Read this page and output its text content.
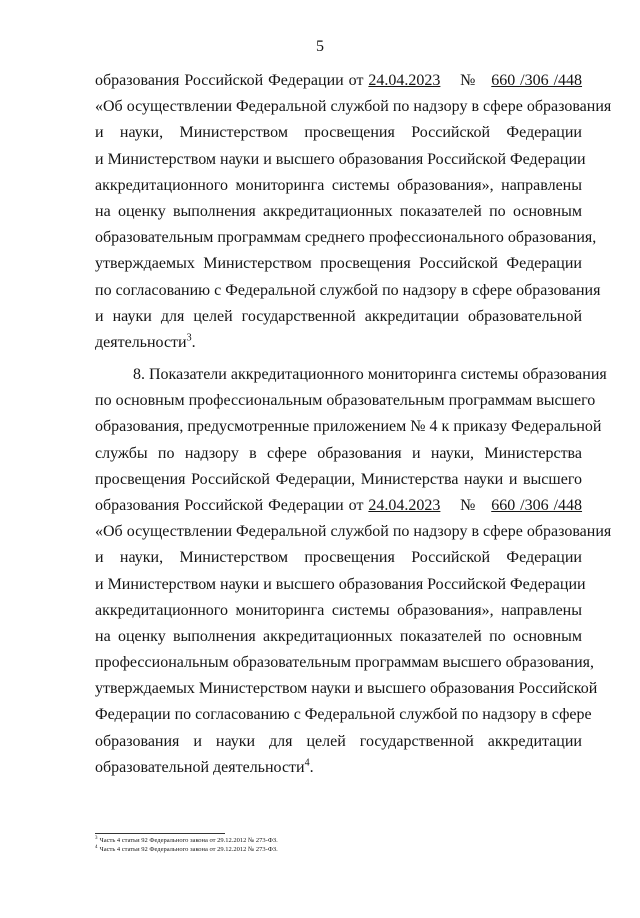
5
образования Российской Федерации от 24.04.2023    №   660 /306 /448
«Об осуществлении Федеральной службой по надзору в сфере образования
и науки, Министерством просвещения Российской Федерации
и Министерством науки и высшего образования Российской Федерации
аккредитационного мониторинга системы образования», направлены
на оценку выполнения аккредитационных показателей по основным
образовательным программам среднего профессионального образования,
утверждаемых Министерством просвещения Российской Федерации
по согласованию с Федеральной службой по надзору в сфере образования
и науки для целей государственной аккредитации образовательной
деятельности$^3$.
8. Показатели аккредитационного мониторинга системы образования
по основным профессиональным образовательным программам высшего
образования, предусмотренные приложением № 4 к приказу Федеральной
службы по надзору в сфере образования и науки, Министерства
просвещения Российской Федерации, Министерства науки и высшего
образования Российской Федерации от 24.04.2023    №   660 /306 /448
«Об осуществлении Федеральной службой по надзору в сфере образования
и науки, Министерством просвещения Российской Федерации
и Министерством науки и высшего образования Российской Федерации
аккредитационного мониторинга системы образования», направлены
на оценку выполнения аккредитационных показателей по основным
профессиональным образовательным программам высшего образования,
утверждаемых Министерством науки и высшего образования Российской
Федерации по согласованию с Федеральной службой по надзору в сфере
образования и науки для целей государственной аккредитации
образовательной деятельности$^4$.
$^3$ Часть 4 статьи 92 Федерального закона от 29.12.2012 № 273-ФЗ.
$^4$ Часть 4 статьи 92 Федерального закона от 29.12.2012 № 273-ФЗ.
